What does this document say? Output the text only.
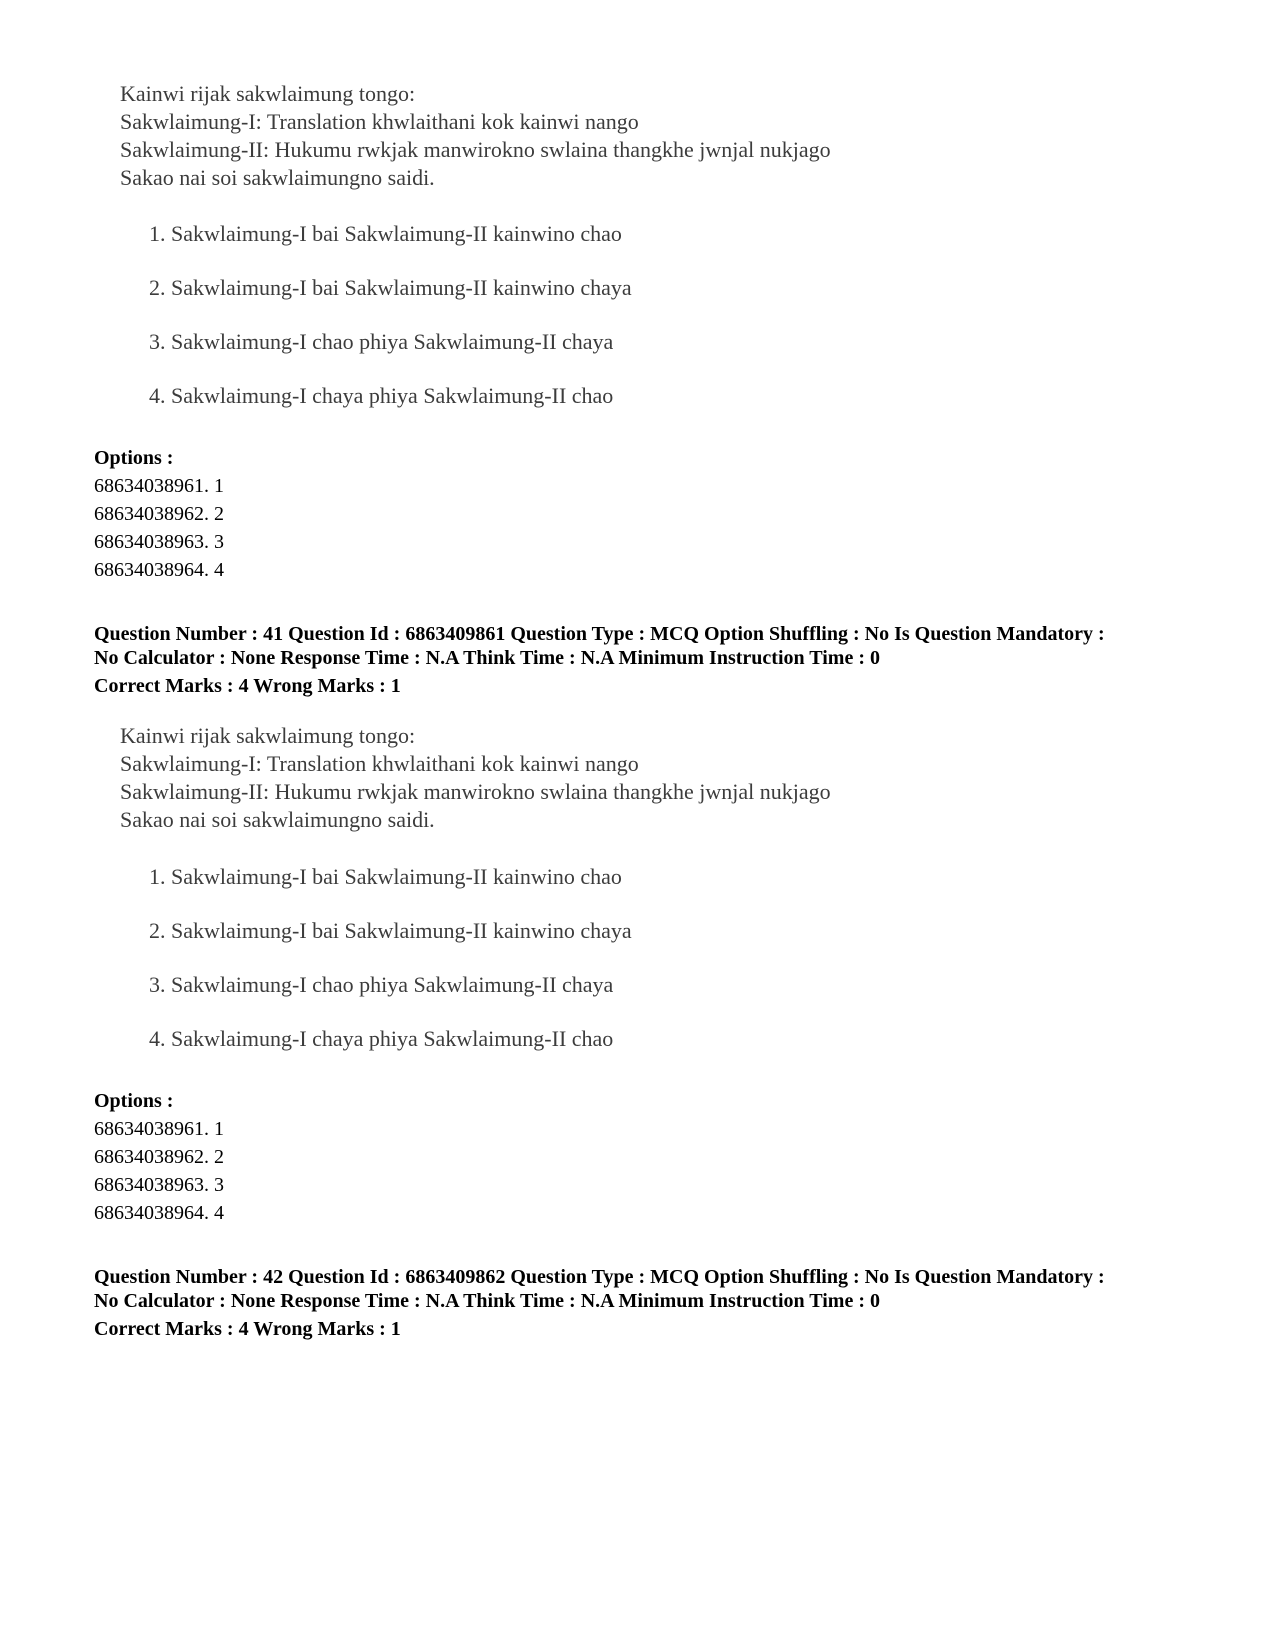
Kainwi rijak sakwlaimung tongo:
Sakwlaimung-I: Translation khwlaithani kok kainwi nango
Sakwlaimung-II: Hukumu rwkjak manwirokno swlaina thangkhe jwnjal nukjago
Sakao nai soi sakwlaimungno saidi.
1. Sakwlaimung-I bai Sakwlaimung-II kainwino chao
2. Sakwlaimung-I bai Sakwlaimung-II kainwino chaya
3. Sakwlaimung-I chao phiya Sakwlaimung-II chaya
4. Sakwlaimung-I chaya phiya Sakwlaimung-II chao
Options :
68634038961. 1
68634038962. 2
68634038963. 3
68634038964. 4
Question Number : 41 Question Id : 6863409861 Question Type : MCQ Option Shuffling : No Is Question Mandatory :
No Calculator : None Response Time : N.A Think Time : N.A Minimum Instruction Time : 0
Correct Marks : 4 Wrong Marks : 1
Kainwi rijak sakwlaimung tongo:
Sakwlaimung-I: Translation khwlaithani kok kainwi nango
Sakwlaimung-II: Hukumu rwkjak manwirokno swlaina thangkhe jwnjal nukjago
Sakao nai soi sakwlaimungno saidi.
1. Sakwlaimung-I bai Sakwlaimung-II kainwino chao
2. Sakwlaimung-I bai Sakwlaimung-II kainwino chaya
3. Sakwlaimung-I chao phiya Sakwlaimung-II chaya
4. Sakwlaimung-I chaya phiya Sakwlaimung-II chao
Options :
68634038961. 1
68634038962. 2
68634038963. 3
68634038964. 4
Question Number : 42 Question Id : 6863409862 Question Type : MCQ Option Shuffling : No Is Question Mandatory :
No Calculator : None Response Time : N.A Think Time : N.A Minimum Instruction Time : 0
Correct Marks : 4 Wrong Marks : 1
